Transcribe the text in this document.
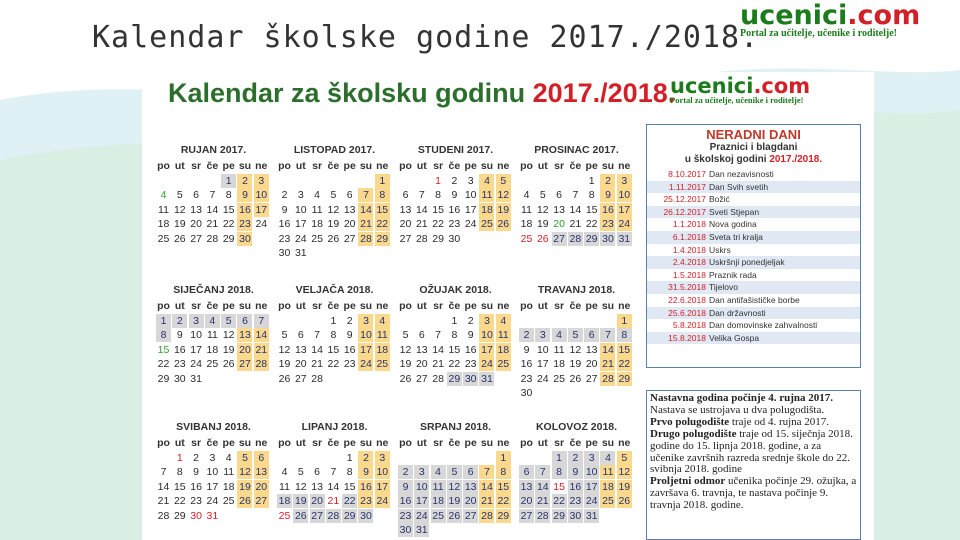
Kalendar školske godine 2017./2018.
ucenici.com
Portal za učitelje, učenike i roditelje!
Kalendar za školsku godinu 2017./2018.
ucenici.com
Portal za učitelje, učenike i roditelje!
RUJAN 2017.
po ut sr če pe su ne
1 2 3
4 5 6 7 8 9 10
11 12 13 14 15 16 17
18 19 20 21 22 23 24
25 26 27 28 29 30
LISTOPAD 2017.
po ut sr če pe su ne
1
2 3 4 5 6 7 8
9 10 11 12 13 14 15
16 17 18 19 20 21 22
23 24 25 26 27 28 29
30 31
STUDENI 2017.
po ut sr če pe su ne
1 2 3 4 5
6 7 8 9 10 11 12
13 14 15 16 17 18 19
20 21 22 23 24 25 26
27 28 29 30
PROSINAC 2017.
po ut sr če pe su ne
1 2 3
4 5 6 7 8 9 10
11 12 13 14 15 16 17
18 19 20 21 22 23 24
25 26 27 28 29 30 31
SIJEČANJ 2018.
po ut sr če pe su ne
1 2 3 4 5 6 7
8 9 10 11 12 13 14
15 16 17 18 19 20 21
22 23 24 25 26 27 28
29 30 31
VELJAČA 2018.
po ut sr če pe su ne
1 2 3 4
5 6 7 8 9 10 11
12 13 14 15 16 17 18
19 20 21 22 23 24 25
26 27 28
OŽUJAK 2018.
po ut sr če pe su ne
1 2 3 4
5 6 7 8 9 10 11
12 13 14 15 16 17 18
19 20 21 22 23 24 25
26 27 28 29 30 31
TRAVANJ 2018.
po ut sr če pe su ne
1
2 3 4 5 6 7 8
9 10 11 12 13 14 15
16 17 18 19 20 21 22
23 24 25 26 27 28 29
30
SVIBANJ 2018.
po ut sr če pe su ne
1 2 3 4 5 6
7 8 9 10 11 12 13
14 15 16 17 18 19 20
21 22 23 24 25 26 27
28 29 30 31
LIPANJ 2018.
po ut sr če pe su ne
1 2 3
4 5 6 7 8 9 10
11 12 13 14 15 16 17
18 19 20 21 22 23 24
25 26 27 28 29 30
SRPANJ 2018.
po ut sr če pe su ne
1
2 3 4 5 6 7 8
9 10 11 12 13 14 15
16 17 18 19 20 21 22
23 24 25 26 27 28 29
30 31
KOLOVOZ 2018.
po ut sr če pe su ne
1 2 3 4 5
6 7 8 9 10 11 12
13 14 15 16 17 18 19
20 21 22 23 24 25 26
27 28 29 30 31
NERADNI DANI
Praznici i blagdani
u školskoj godini 2017./2018.
8.10.2017 Dan nezavisnosti
1.11.2017 Dan Svih svetih
25.12.2017 Božić
26.12.2017 Sveti Stjepan
1.1.2018 Nova godina
6.1.2018 Sveta tri kralja
1.4.2018 Uskrs
2.4.2018 Uskršnji ponedjeljak
1.5.2018 Praznik rada
31.5.2018 Tijelovo
22.6.2018 Dan antifašističke borbe
25.6.2018 Dan državnosti
5.8.2018 Dan domovinske zahvalnosti
15.8.2018 Velika Gospa
Nastavna godina počinje 4. rujna 2017.
Nastava se ustrojava u dva polugodišta.
Prvo polugodište traje od 4. rujna 2017.
Drugo polugodište traje od 15. siječnja 2018. godine do 15. lipnja 2018. godine, a za učenike završnih razreda srednje škole do 22. svibnja 2018. godine
Proljetni odmor učenika počinje 29. ožujka, a završava 6. travnja, te nastava počinje 9. travnja 2018. godine.
